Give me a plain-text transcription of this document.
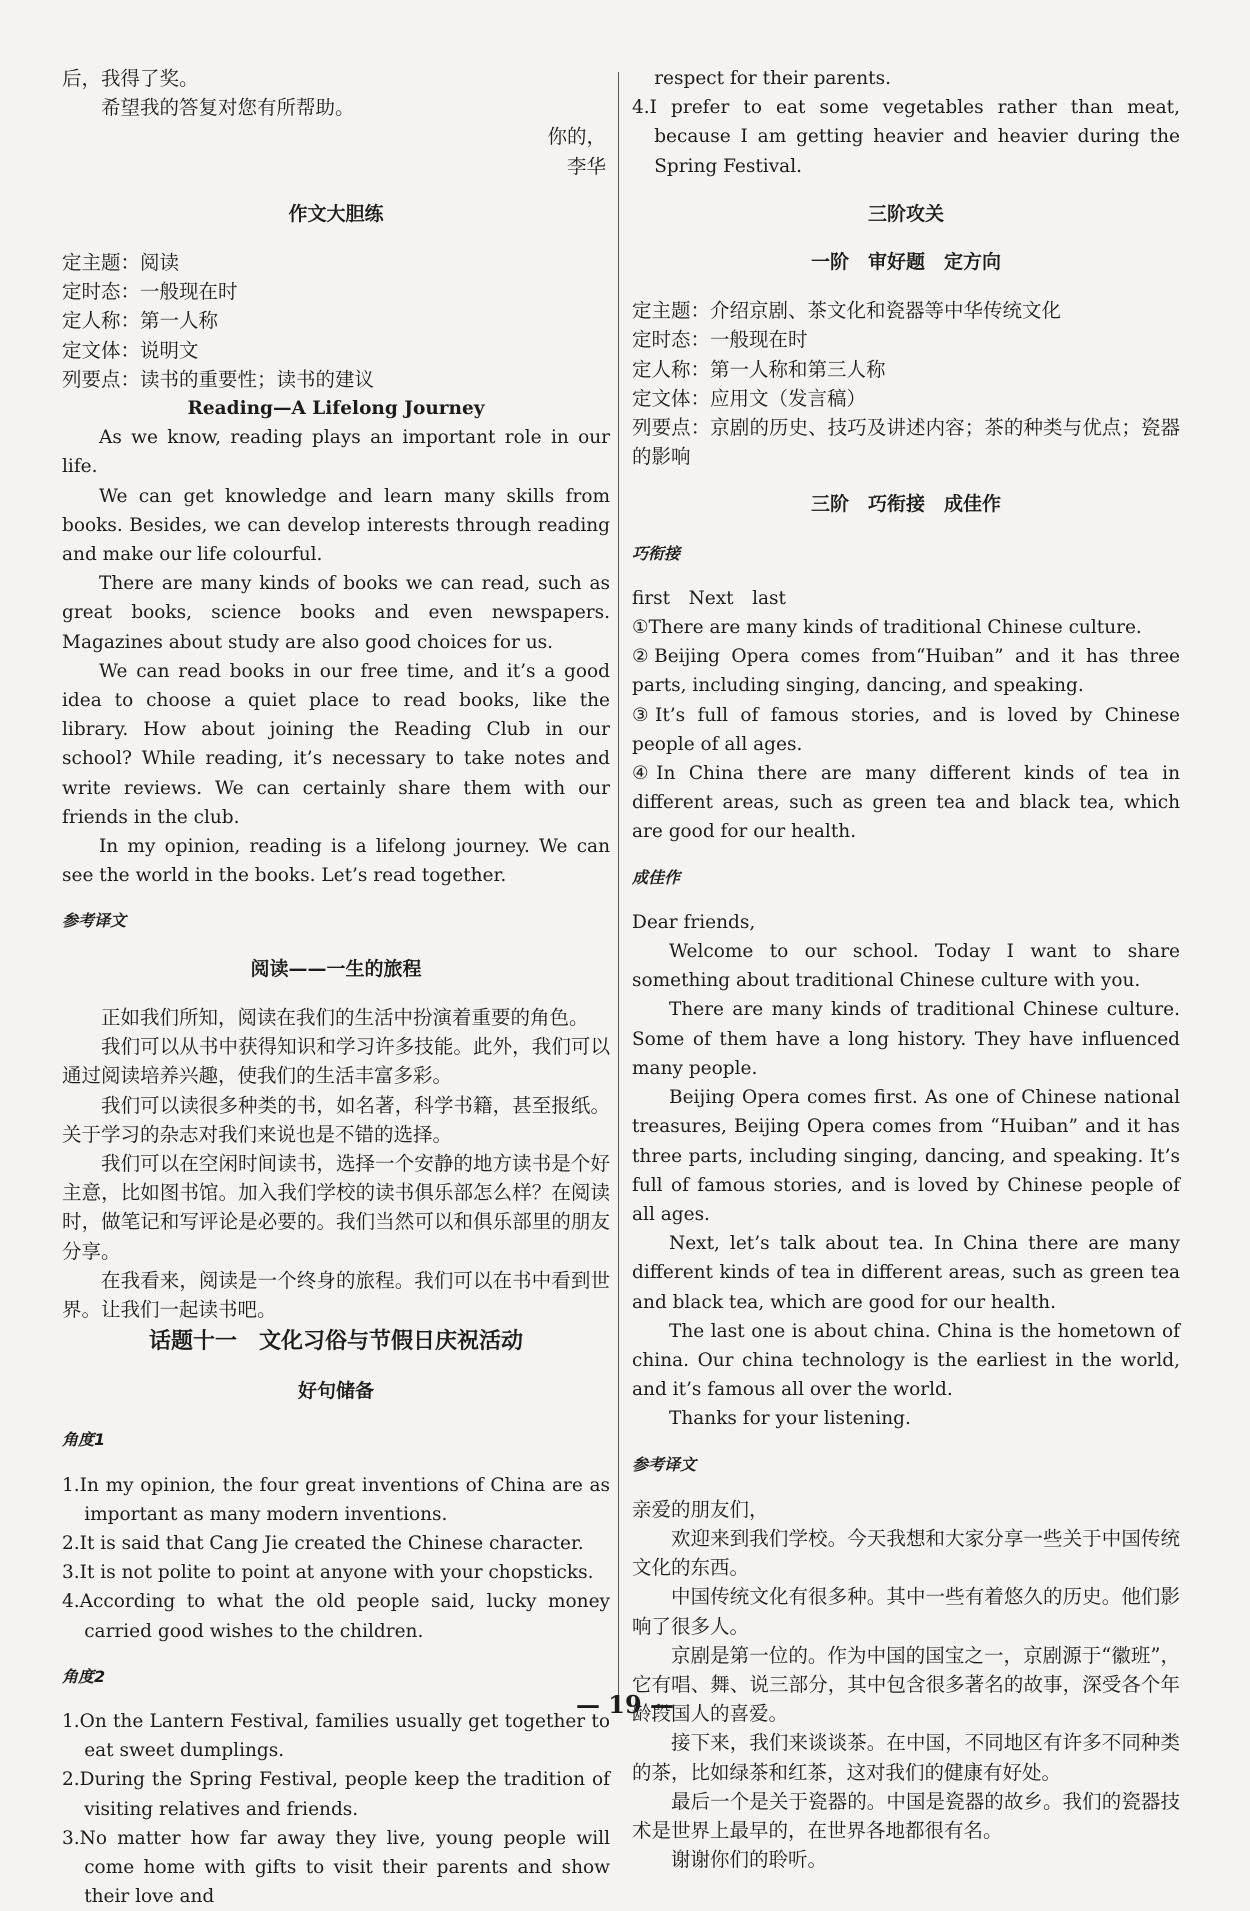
后，我得了奖。

希望我的答复对您有所帮助。

你的，

李华

作文大胆练

定主题：阅读

定时态：一般现在时

定人称：第一人称

定文体：说明文

列要点：读书的重要性；读书的建议

Reading—A Lifelong Journey

As we know, reading plays an important role in our life.

We can get knowledge and learn many skills from books. Besides, we can develop interests through reading and make our life colourful.

There are many kinds of books we can read, such as great books, science books and even newspapers. Magazines about study are also good choices for us.

We can read books in our free time, and it’s a good idea to choose a quiet place to read books, like the library. How about joining the Reading Club in our school? While reading, it’s necessary to take notes and write reviews. We can certainly share them with our friends in the club.

In my opinion, reading is a lifelong journey. We can see the world in the books. Let’s read together.

参考译文

阅读——一生的旅程

正如我们所知，阅读在我们的生活中扮演着重要的角色。

我们可以从书中获得知识和学习许多技能。此外，我们可以通过阅读培养兴趣，使我们的生活丰富多彩。

我们可以读很多种类的书，如名著，科学书籍，甚至报纸。关于学习的杂志对我们来说也是不错的选择。

我们可以在空闲时间读书，选择一个安静的地方读书是个好主意，比如图书馆。加入我们学校的读书俱乐部怎么样？在阅读时，做笔记和写评论是必要的。我们当然可以和俱乐部里的朋友分享。

在我看来，阅读是一个终身的旅程。我们可以在书中看到世界。让我们一起读书吧。

话题十一　文化习俗与节假日庆祝活动

好句储备

角度1

1.In my opinion, the four great inventions of China are as important as many modern inventions.

2.It is said that Cang Jie created the Chinese character.

3.It is not polite to point at anyone with your chopsticks.

4.According to what the old people said, lucky money carried good wishes to the children.

角度2

1.On the Lantern Festival, families usually get together to eat sweet dumplings.

2.During the Spring Festival, people keep the tradition of visiting relatives and friends.

3.No matter how far away they live, young people will come home with gifts to visit their parents and show their love and

respect for their parents.

4.I prefer to eat some vegetables rather than meat, because I am getting heavier and heavier during the Spring Festival.

三阶攻关

一阶　审好题　定方向

定主题：介绍京剧、茶文化和瓷器等中华传统文化

定时态：一般现在时

定人称：第一人称和第三人称

定文体：应用文（发言稿）

列要点：京剧的历史、技巧及讲述内容；茶的种类与优点；瓷器的影响

三阶　巧衔接　成佳作

巧衔接

first　Next　last

①There are many kinds of traditional Chinese culture.

②Beijing Opera comes from“Huiban” and it has three parts, including singing, dancing, and speaking.

③It’s full of famous stories, and is loved by Chinese people of all ages.

④In China there are many different kinds of tea in different areas, such as green tea and black tea, which are good for our health.

成佳作

Dear friends,

Welcome to our school. Today I want to share something about traditional Chinese culture with you.

There are many kinds of traditional Chinese culture. Some of them have a long history. They have influenced many people.

Beijing Opera comes first. As one of Chinese national treasures, Beijing Opera comes from “Huiban” and it has three parts, including singing, dancing, and speaking. It’s full of famous stories, and is loved by Chinese people of all ages.

Next, let’s talk about tea. In China there are many different kinds of tea in different areas, such as green tea and black tea, which are good for our health.

The last one is about china. China is the hometown of china. Our china technology is the earliest in the world, and it’s famous all over the world.

Thanks for your listening.

参考译文

亲爱的朋友们，

欢迎来到我们学校。今天我想和大家分享一些关于中国传统文化的东西。

中国传统文化有很多种。其中一些有着悠久的历史。他们影响了很多人。

京剧是第一位的。作为中国的国宝之一，京剧源于“徽班”，它有唱、舞、说三部分，其中包含很多著名的故事，深受各个年龄段国人的喜爱。

接下来，我们来谈谈茶。在中国，不同地区有许多不同种类的茶，比如绿茶和红茶，这对我们的健康有好处。

最后一个是关于瓷器的。中国是瓷器的故乡。我们的瓷器技术是世界上最早的，在世界各地都很有名。

谢谢你们的聆听。

— 19 —
